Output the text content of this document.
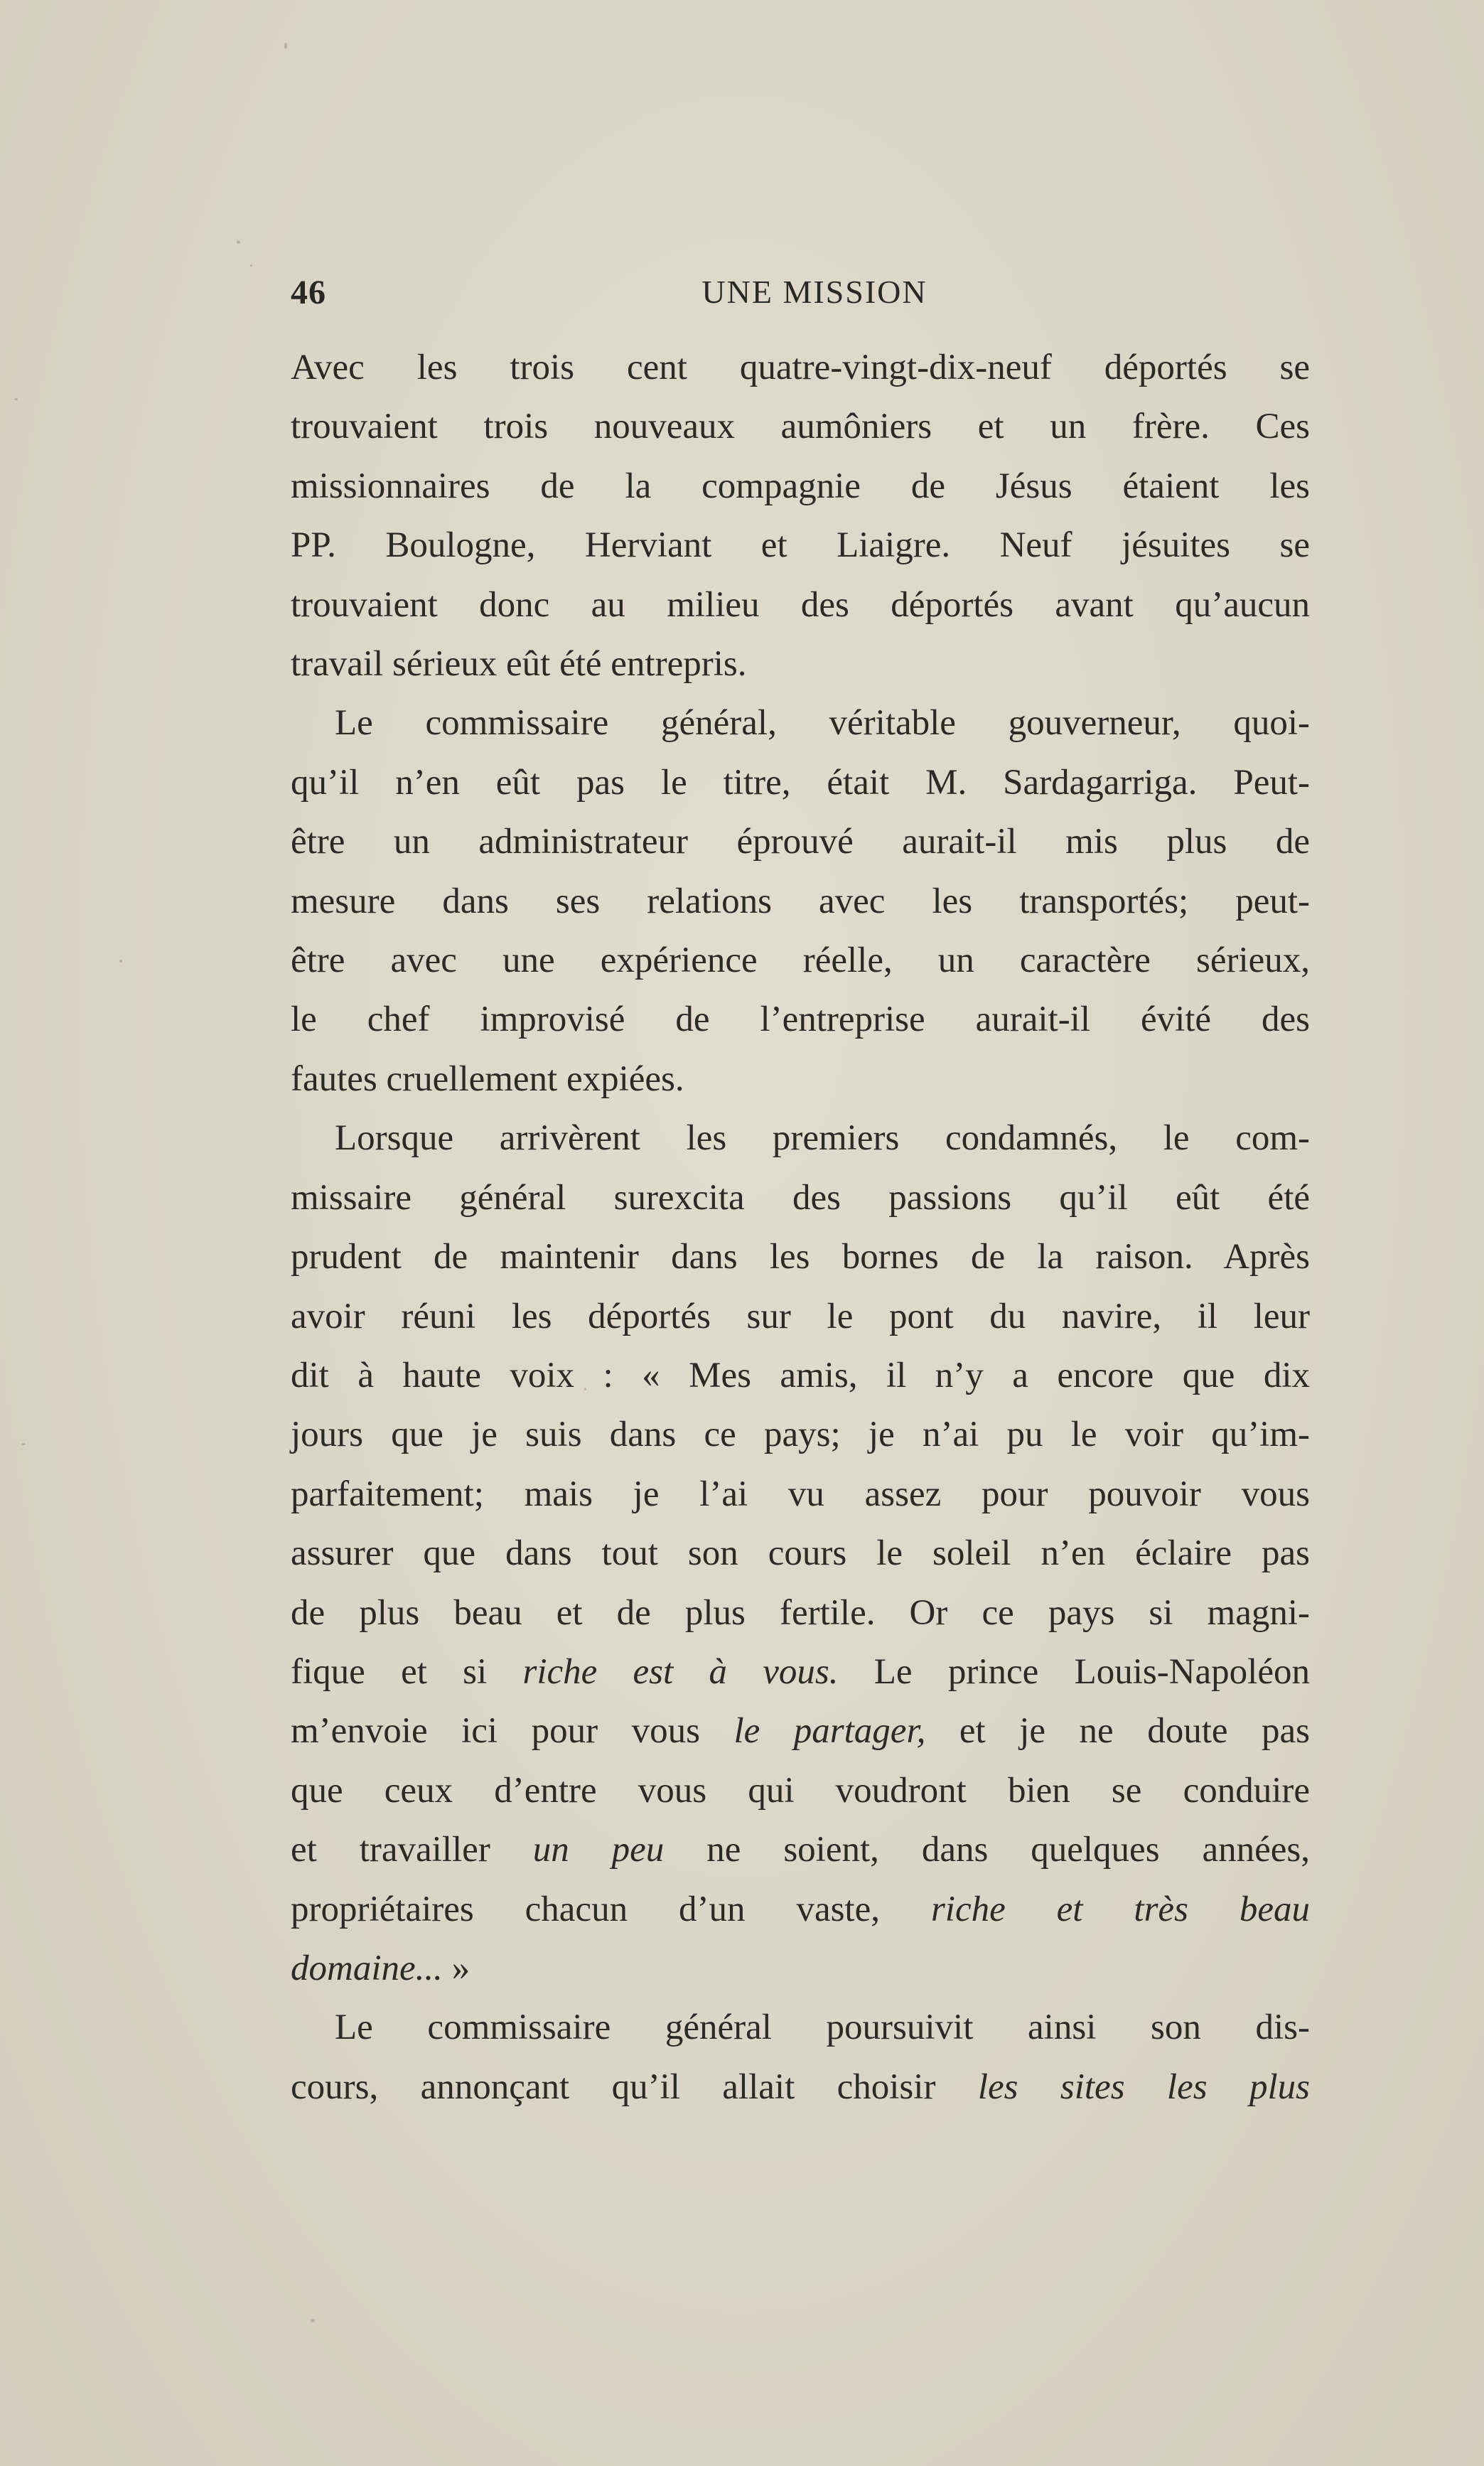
46	UNE MISSION
Avec les trois cent quatre-vingt-dix-neuf déportés se
trouvaient trois nouveaux aumôniers et un frère. Ces
missionnaires de la compagnie de Jésus étaient les
PP. Boulogne, Herviant et Liaigre. Neuf jésuites se
trouvaient donc au milieu des déportés avant qu’aucun
travail sérieux eût été entrepris.
Le commissaire général, véritable gouverneur, quoi-
qu’il n’en eût pas le titre, était M. Sardagarriga. Peut-
être un administrateur éprouvé aurait-il mis plus de
mesure dans ses relations avec les transportés; peut-
être avec une expérience réelle, un caractère sérieux,
le chef improvisé de l’entreprise aurait-il évité des
fautes cruellement expiées.
Lorsque arrivèrent les premiers condamnés, le com-
missaire général surexcita des passions qu’il eût été
prudent de maintenir dans les bornes de la raison. Après
avoir réuni les déportés sur le pont du navire, il leur
dit à haute voix : « Mes amis, il n’y a encore que dix
jours que je suis dans ce pays; je n’ai pu le voir qu’im-
parfaitement; mais je l’ai vu assez pour pouvoir vous
assurer que dans tout son cours le soleil n’en éclaire pas
de plus beau et de plus fertile. Or ce pays si magni-
fique et si riche est à vous. Le prince Louis-Napoléon
m’envoie ici pour vous le partager, et je ne doute pas
que ceux d’entre vous qui voudront bien se conduire
et travailler un peu ne soient, dans quelques années,
propriétaires chacun d’un vaste, riche et très beau
domaine... »
Le commissaire général poursuivit ainsi son dis-
cours, annonçant qu’il allait choisir les sites les plus
